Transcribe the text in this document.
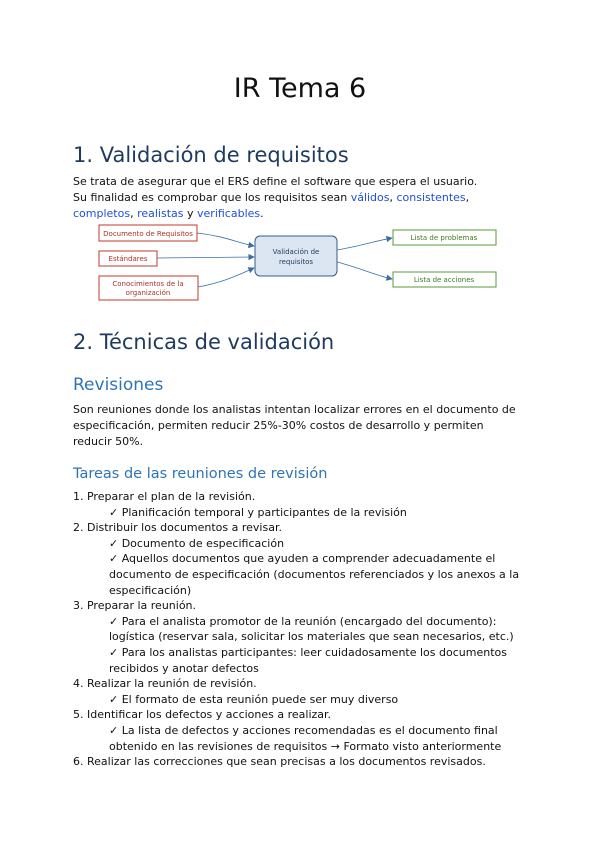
IR Tema 6
1. Validación de requisitos
Se trata de asegurar que el ERS define el software que espera el usuario.
Su finalidad es comprobar que los requisitos sean válidos, consistentes,
completos, realistas y verificables.
Documento de Requisitos
Estándares
Conocimientos de la
organización
Validación de
requisitos
Lista de problemas
Lista de acciones
2. Técnicas de validación
Revisiones
Son reuniones donde los analistas intentan localizar errores en el documento de
especificación, permiten reducir 25%-30% costos de desarrollo y permiten
reducir 50%.
Tareas de las reuniones de revisión
1. Preparar el plan de la revisión.
✓ Planificación temporal y participantes de la revisión
2. Distribuir los documentos a revisar.
✓ Documento de especificación
✓ Aquellos documentos que ayuden a comprender adecuadamente el
documento de especificación (documentos referenciados y los anexos a la
especificación)
3. Preparar la reunión.
✓ Para el analista promotor de la reunión (encargado del documento):
logística (reservar sala, solicitar los materiales que sean necesarios, etc.)
✓ Para los analistas participantes: leer cuidadosamente los documentos
recibidos y anotar defectos
4. Realizar la reunión de revisión.
✓ El formato de esta reunión puede ser muy diverso
5. Identificar los defectos y acciones a realizar.
✓ La lista de defectos y acciones recomendadas es el documento final
obtenido en las revisiones de requisitos → Formato visto anteriormente
6. Realizar las correcciones que sean precisas a los documentos revisados.
